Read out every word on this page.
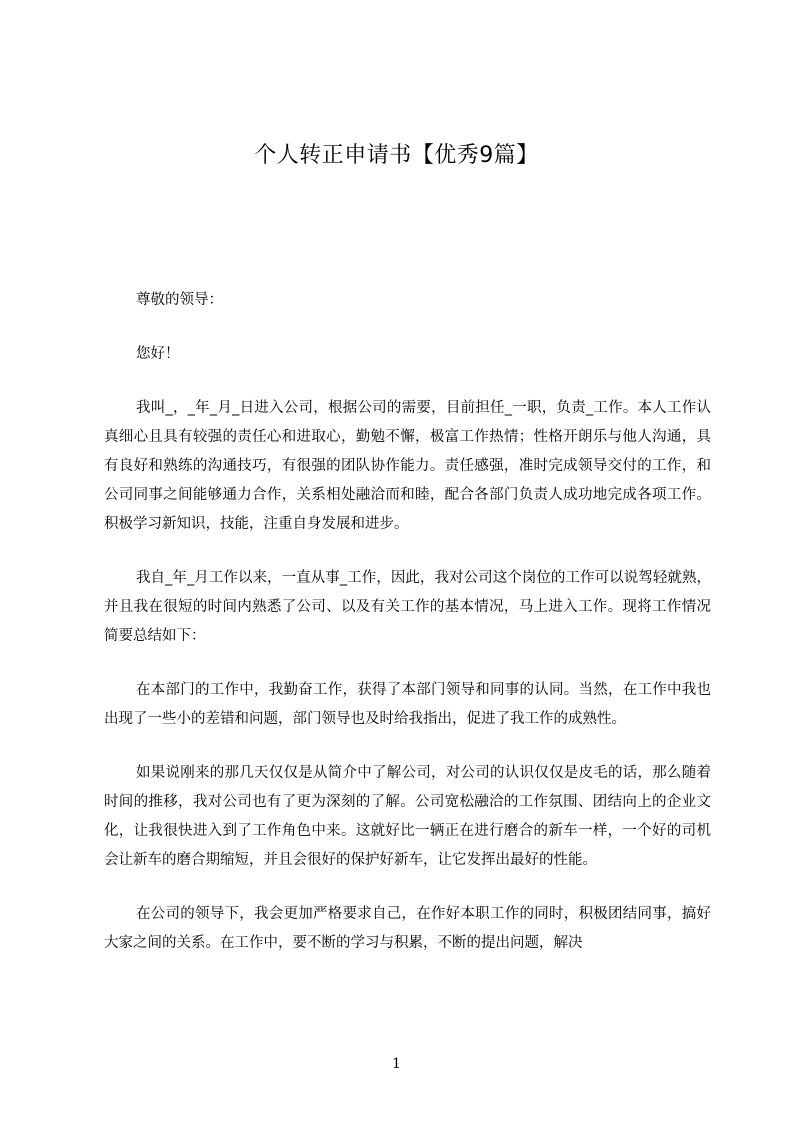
个人转正申请书【优秀9篇】

尊敬的领导：

您好！

我叫_，_年_月_日进入公司，根据公司的需要，目前担任_一职，负责_工作。本人工作认真细心且具有较强的责任心和进取心，勤勉不懈，极富工作热情；性格开朗乐与他人沟通，具有良好和熟练的沟通技巧，有很强的团队协作能力。责任感强，准时完成领导交付的工作，和公司同事之间能够通力合作，关系相处融洽而和睦，配合各部门负责人成功地完成各项工作。积极学习新知识，技能，注重自身发展和进步。

我自_年_月工作以来，一直从事_工作，因此，我对公司这个岗位的工作可以说驾轻就熟，并且我在很短的时间内熟悉了公司、以及有关工作的基本情况，马上进入工作。现将工作情况简要总结如下：

在本部门的工作中，我勤奋工作，获得了本部门领导和同事的认同。当然，在工作中我也出现了一些小的差错和问题，部门领导也及时给我指出，促进了我工作的成熟性。

如果说刚来的那几天仅仅是从简介中了解公司，对公司的认识仅仅是皮毛的话，那么随着时间的推移，我对公司也有了更为深刻的了解。公司宽松融洽的工作氛围、团结向上的企业文化，让我很快进入到了工作角色中来。这就好比一辆正在进行磨合的新车一样，一个好的司机会让新车的磨合期缩短，并且会很好的保护好新车，让它发挥出最好的性能。

在公司的领导下，我会更加严格要求自己，在作好本职工作的同时，积极团结同事，搞好大家之间的关系。在工作中，要不断的学习与积累，不断的提出问题，解决

1
